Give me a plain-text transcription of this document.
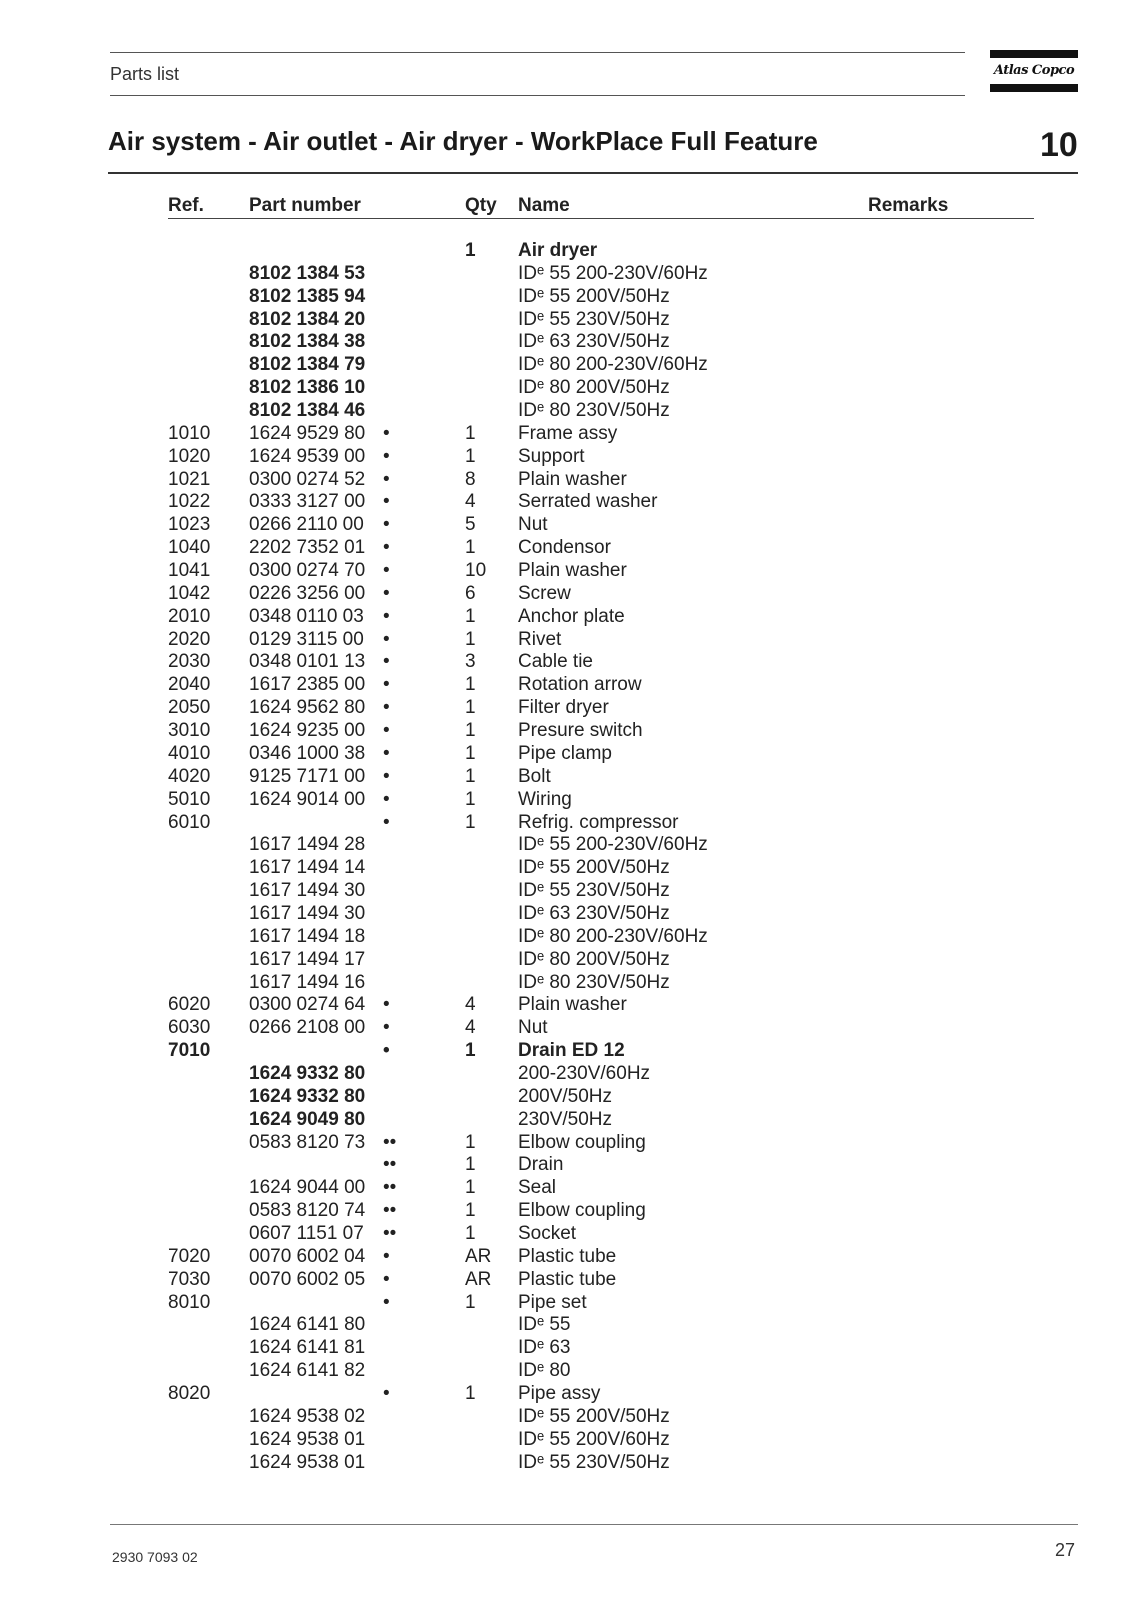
Parts list	Atlas Copco
Air system - Air outlet - Air dryer - WorkPlace Full Feature	10
Ref. Part number	Qty Name	Remarks
1 Air dryer
8102 1384 53	IDᵉ 55 200-230V/60Hz
8102 1385 94	IDᵉ 55 200V/50Hz
8102 1384 20	IDᵉ 55 230V/50Hz
8102 1384 38	IDᵉ 63 230V/50Hz
8102 1384 79	IDᵉ 80 200-230V/60Hz
8102 1386 10	IDᵉ 80 200V/50Hz
8102 1384 46	IDᵉ 80 230V/50Hz
1010 1624 9529 80 •	1 Frame assy
1020 1624 9539 00 •	1 Support
1021 0300 0274 52 •	8 Plain washer
1022 0333 3127 00 •	4 Serrated washer
1023 0266 2110 00 •	5 Nut
1040 2202 7352 01 •	1 Condensor
1041 0300 0274 70 •	10 Plain washer
1042 0226 3256 00 •	6 Screw
2010 0348 0110 03 •	1 Anchor plate
2020 0129 3115 00 •	1 Rivet
2030 0348 0101 13 •	3 Cable tie
2040 1617 2385 00 •	1 Rotation arrow
2050 1624 9562 80 •	1 Filter dryer
3010 1624 9235 00 •	1 Presure switch
4010 0346 1000 38 •	1 Pipe clamp
4020 9125 7171 00 •	1 Bolt
5010 1624 9014 00 •	1 Wiring
6010	•	1 Refrig. compressor
1617 1494 28	IDᵉ 55 200-230V/60Hz
1617 1494 14	IDᵉ 55 200V/50Hz
1617 1494 30	IDᵉ 55 230V/50Hz
1617 1494 30	IDᵉ 63 230V/50Hz
1617 1494 18	IDᵉ 80 200-230V/60Hz
1617 1494 17	IDᵉ 80 200V/50Hz
1617 1494 16	IDᵉ 80 230V/50Hz
6020 0300 0274 64 •	4 Plain washer
6030 0266 2108 00 •	4 Nut
7010	•	1 Drain ED 12
1624 9332 80	200-230V/60Hz
1624 9332 80	200V/50Hz
1624 9049 80	230V/50Hz
0583 8120 73 ••	1 Elbow coupling
••	1 Drain
1624 9044 00 ••	1 Seal
0583 8120 74 ••	1 Elbow coupling
0607 1151 07 ••	1 Socket
7020 0070 6002 04 •	AR Plastic tube
7030 0070 6002 05 •	AR Plastic tube
8010	•	1 Pipe set
1624 6141 80	IDᵉ 55
1624 6141 81	IDᵉ 63
1624 6141 82	IDᵉ 80
8020	•	1 Pipe assy
1624 9538 02	IDᵉ 55 200V/50Hz
1624 9538 01	IDᵉ 55 200V/60Hz
1624 9538 01	IDᵉ 55 230V/50Hz
2930 7093 02	27
